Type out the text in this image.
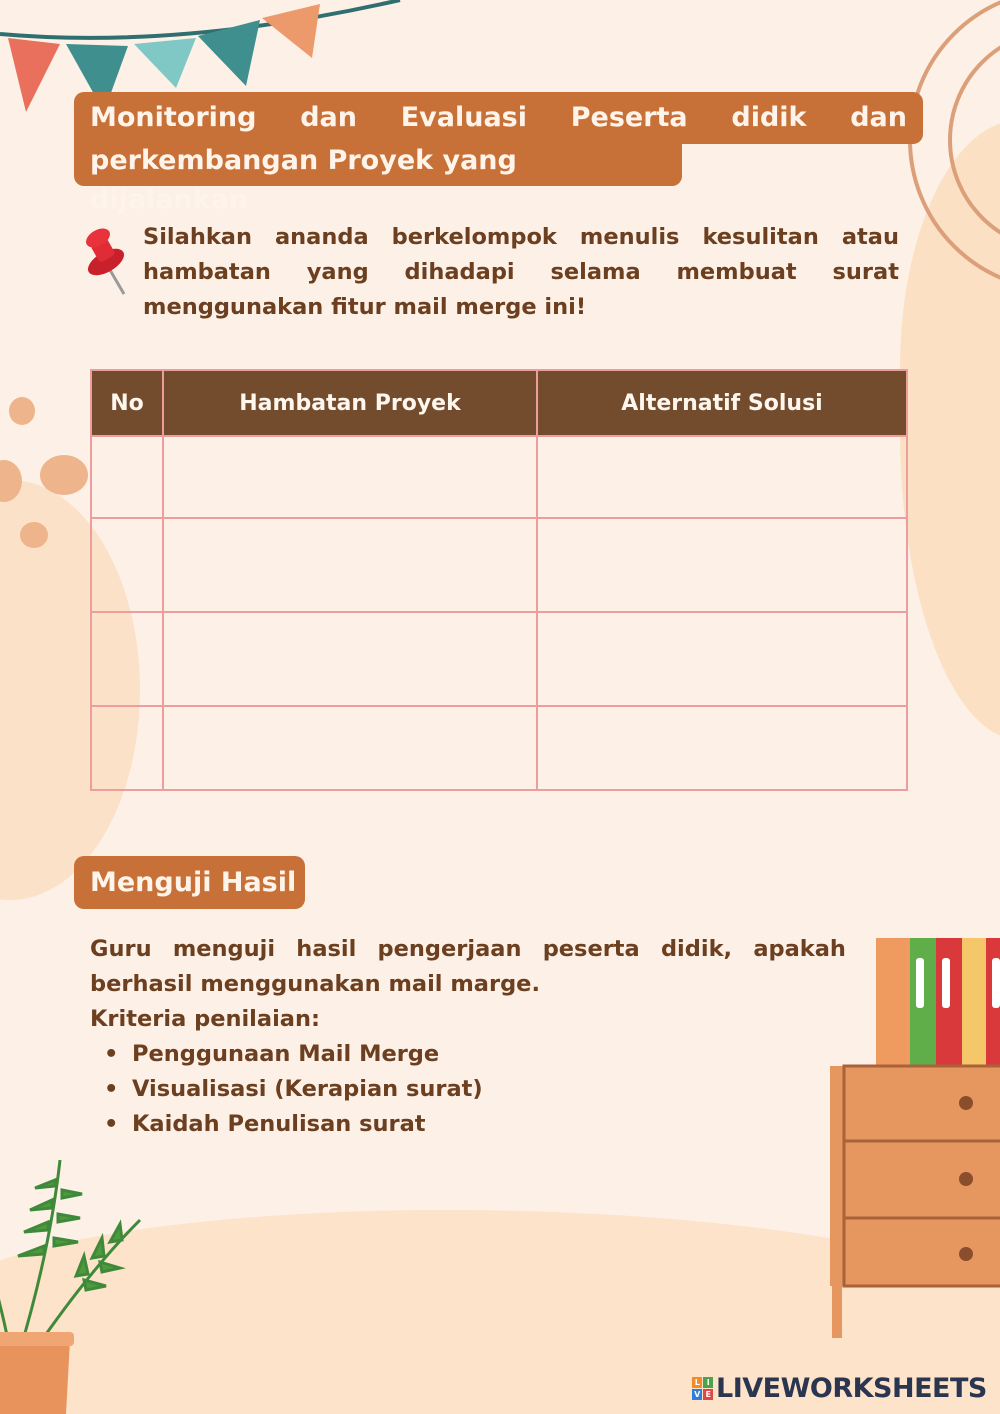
Monitoring dan Evaluasi Peserta didik dan
perkembangan Proyek yang dijalankan
Silahkan ananda berkelompok menulis kesulitan atau
hambatan yang dihadapi selama membuat surat
menggunakan fitur mail merge ini!
No	Hambatan Proyek	Alternatif Solusi

Menguji Hasil
Guru menguji hasil pengerjaan peserta didik, apakah
berhasil menggunakan mail marge.
Kriteria penilaian:
• Penggunaan Mail Merge
• Visualisasi (Kerapian surat)
• Kaidah Penulisan surat
L I
V E LIVEWORKSHEETS
